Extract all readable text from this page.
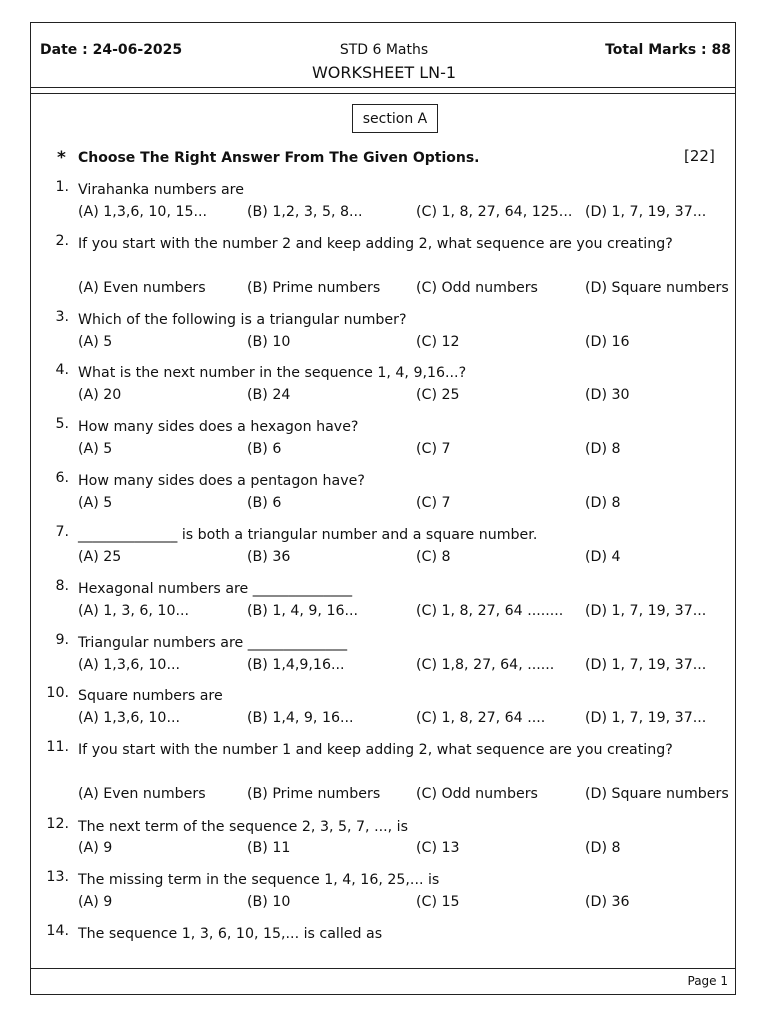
Date : 24-06-2025	STD 6 Maths
WORKSHEET LN-1
Total Marks : 88
section A
* Choose The Right Answer From The Given Options.	[22]
1. Virahanka numbers are
(A) 1,3,6, 10, 15...	(B) 1,2, 3, 5, 8...	(C) 1, 8, 27, 64, 125... (D) 1, 7, 19, 37...
2. If you start with the number 2 and keep adding 2, what sequence are you creating?
(A) Even numbers	(B) Prime numbers	(C) Odd numbers	(D) Square numbers
3. Which of the following is a triangular number?
(A) 5	(B) 10	(C) 12	(D) 16
4. What is the next number in the sequence 1, 4, 9,16...?
(A) 20	(B) 24	(C) 25	(D) 30
5. How many sides does a hexagon have?
(A) 5	(B) 6	(C) 7	(D) 8
6. How many sides does a pentagon have?
(A) 5	(B) 6	(C) 7	(D) 8
7. ______________ is both a triangular number and a square number.
(A) 25	(B) 36	(C) 8	(D) 4
8. Hexagonal numbers are ______________
(A) 1, 3, 6, 10...	(B) 1, 4, 9, 16...	(C) 1, 8, 27, 64 ........ (D) 1, 7, 19, 37...
9. Triangular numbers are ______________
(A) 1,3,6, 10...	(B) 1,4,9,16...	(C) 1,8, 27, 64, ...... (D) 1, 7, 19, 37...
10. Square numbers are
(A) 1,3,6, 10...	(B) 1,4, 9, 16...	(C) 1, 8, 27, 64 ....	(D) 1, 7, 19, 37...
11. If you start with the number 1 and keep adding 2, what sequence are you creating?
(A) Even numbers	(B) Prime numbers	(C) Odd numbers	(D) Square numbers
12. The next term of the sequence 2, 3, 5, 7, ..., is
(A) 9	(B) 11	(C) 13	(D) 8
13. The missing term in the sequence 1, 4, 16, 25,... is
(A) 9	(B) 10	(C) 15	(D) 36
14. The sequence 1, 3, 6, 10, 15,... is called as
Page 1
